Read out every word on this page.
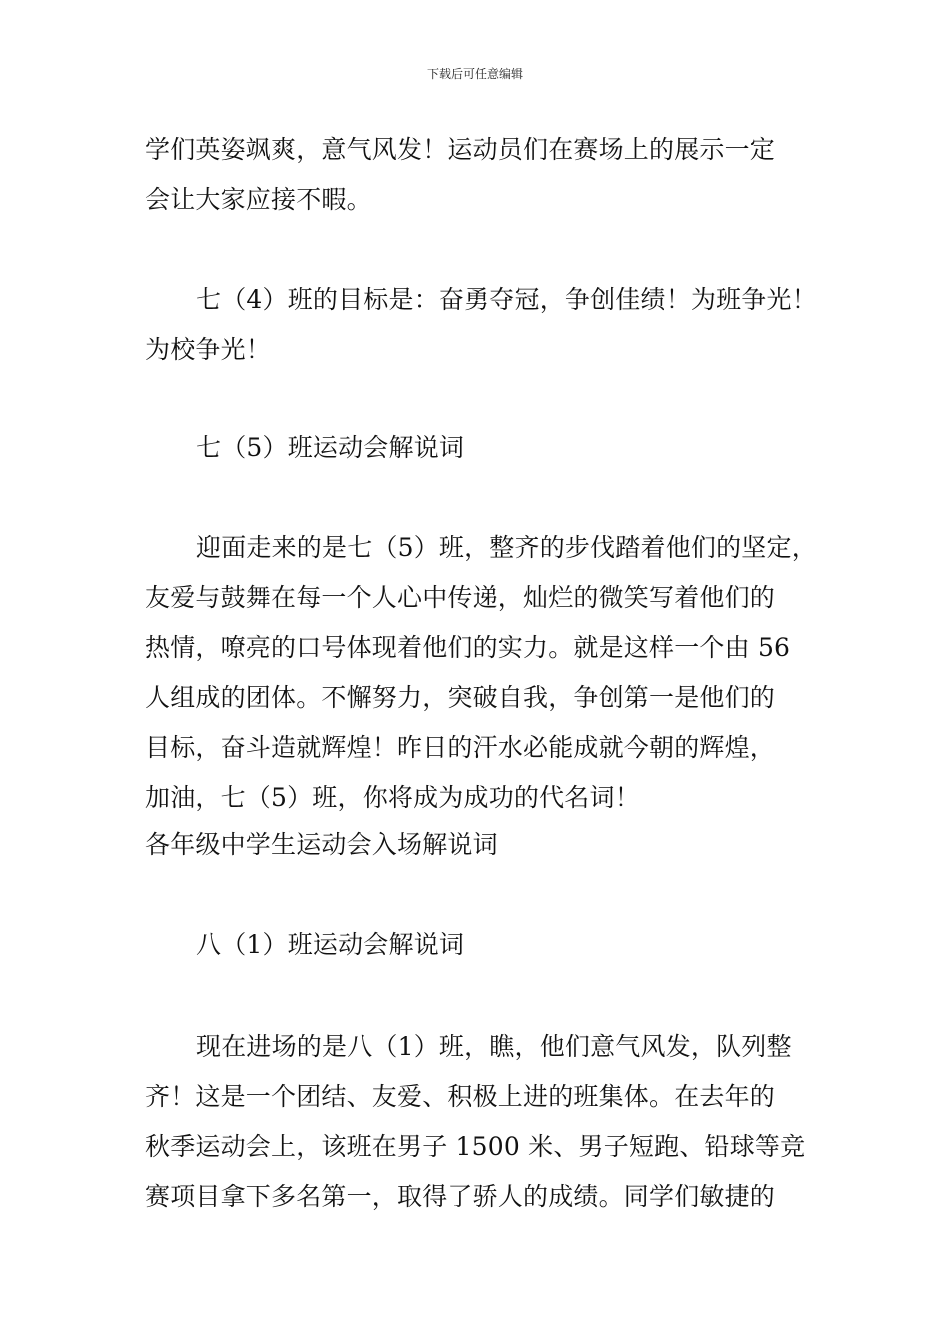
下载后可任意编辑
学们英姿飒爽，意气风发！运动员们在赛场上的展示一定
会让大家应接不暇。
七（4）班的目标是：奋勇夺冠，争创佳绩！为班争光！
为校争光！
七（5）班运动会解说词
迎面走来的是七（5）班，整齐的步伐踏着他们的坚定，
友爱与鼓舞在每一个人心中传递，灿烂的微笑写着他们的
热情，嘹亮的口号体现着他们的实力。就是这样一个由 56
人组成的团体。不懈努力，突破自我，争创第一是他们的
目标，奋斗造就辉煌！昨日的汗水必能成就今朝的辉煌，
加油，七（5）班，你将成为成功的代名词！
各年级中学生运动会入场解说词
八（1）班运动会解说词
现在进场的是八（1）班，瞧，他们意气风发，队列整
齐！这是一个团结、友爱、积极上进的班集体。在去年的
秋季运动会上，该班在男子 1500 米、男子短跑、铅球等竞
赛项目拿下多名第一，取得了骄人的成绩。同学们敏捷的
